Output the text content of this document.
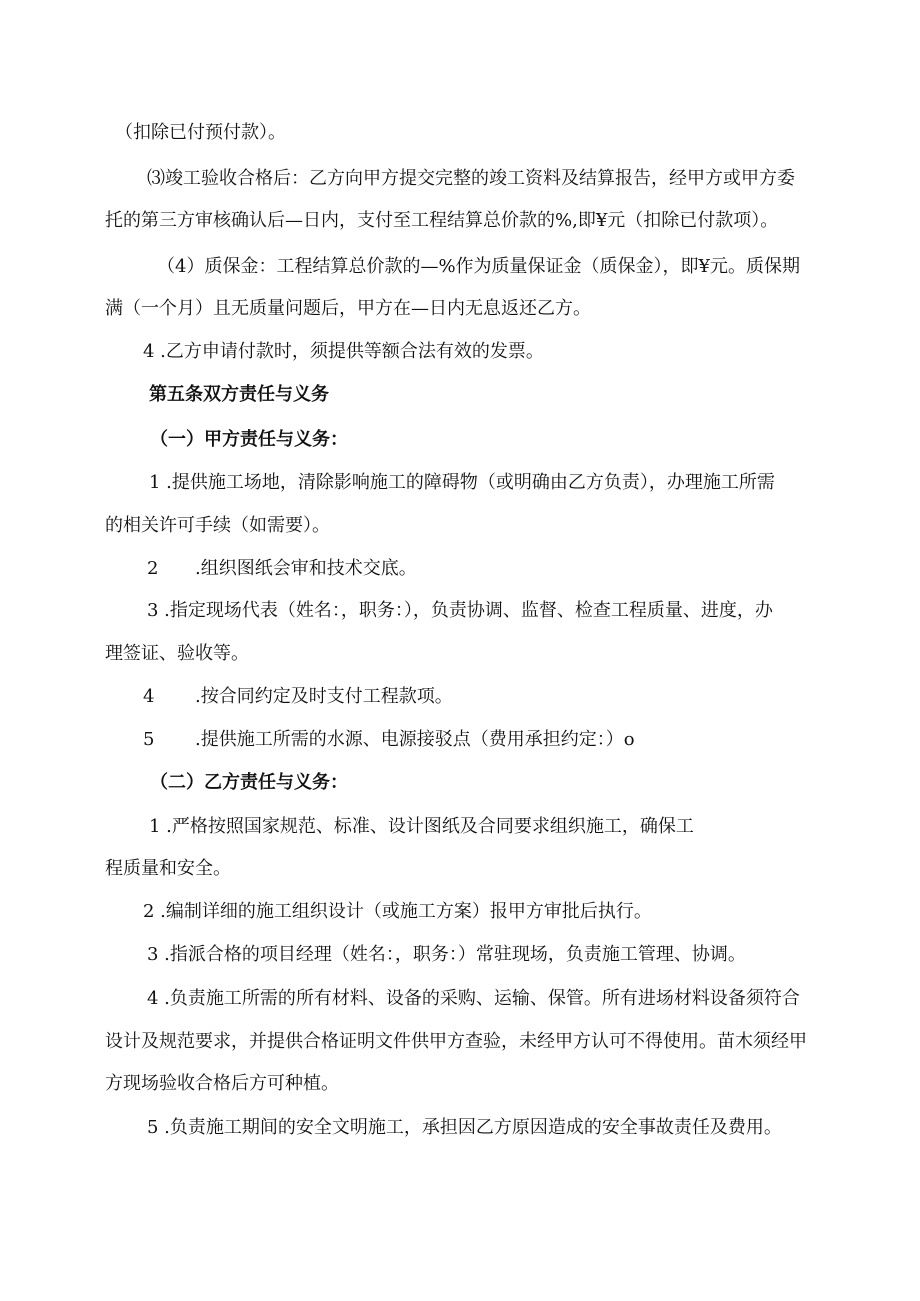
（扣除已付预付款）。
⑶竣工验收合格后：乙方向甲方提交完整的竣工资料及结算报告，经甲方或甲方委
托的第三方审核确认后—日内，支付至工程结算总价款的%,即¥元（扣除已付款项）。
（4）质保金：工程结算总价款的—%作为质量保证金（质保金），即¥元。质保期
满（一个月）且无质量问题后，甲方在—日内无息返还乙方。
4 .乙方申请付款时，须提供等额合法有效的发票。
第五条双方责任与义务
（一）甲方责任与义务：
1 .提供施工场地，清除影响施工的障碍物（或明确由乙方负责），办理施工所需
的相关许可手续（如需要）。
2 .组织图纸会审和技术交底。
3 .指定现场代表（姓名：，职务：），负责协调、监督、检查工程质量、进度，办
理签证、验收等。
4 .按合同约定及时支付工程款项。
5 .提供施工所需的水源、电源接驳点（费用承担约定：）o
（二）乙方责任与义务：
1 .严格按照国家规范、标准、设计图纸及合同要求组织施工，确保工
程质量和安全。
2 .编制详细的施工组织设计（或施工方案）报甲方审批后执行。
3 .指派合格的项目经理（姓名：，职务：）常驻现场，负责施工管理、协调。
4 .负责施工所需的所有材料、设备的采购、运输、保管。所有进场材料设备须符合
设计及规范要求，并提供合格证明文件供甲方查验，未经甲方认可不得使用。苗木须经甲
方现场验收合格后方可种植。
5 .负责施工期间的安全文明施工，承担因乙方原因造成的安全事故责任及费用。
